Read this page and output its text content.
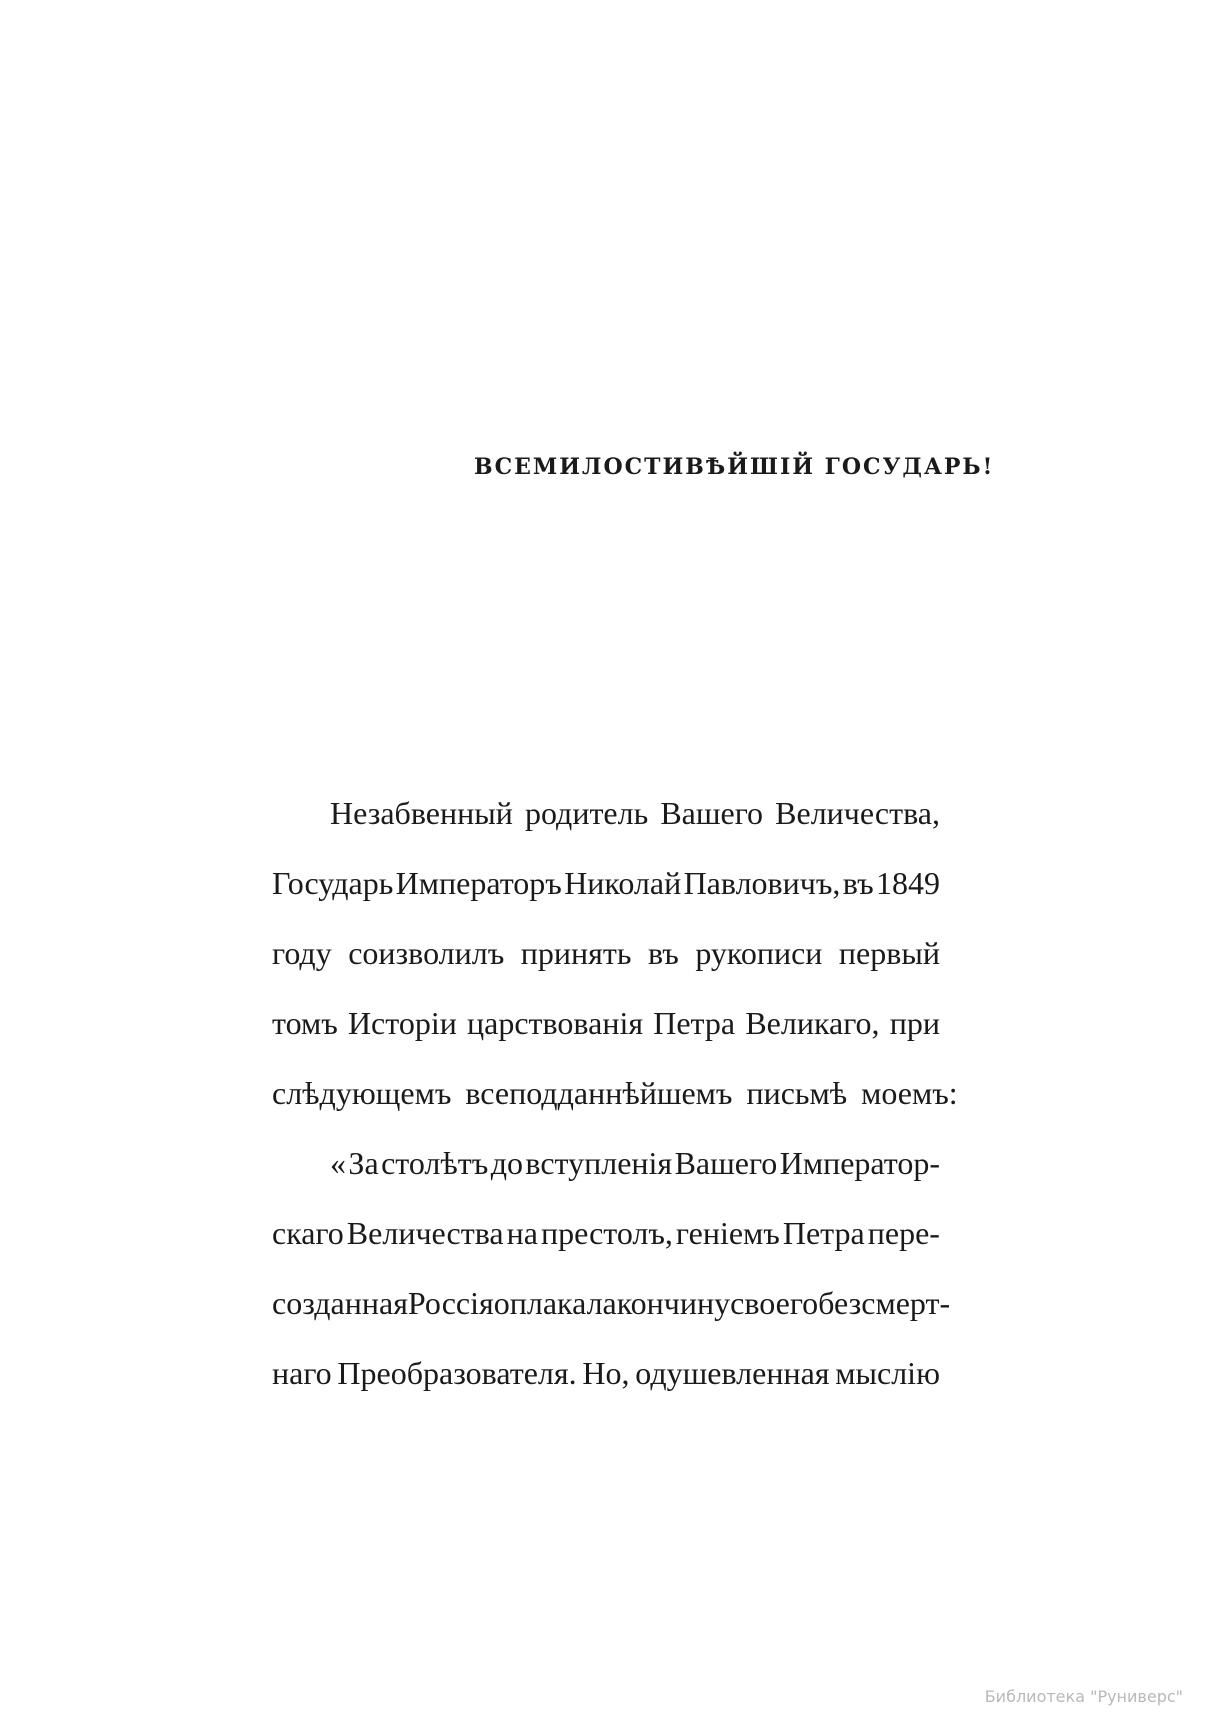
ВСЕМИЛОСТИВѢЙШІЙ ГОСУДАРЬ!
Незабвенный родитель Вашего Величества,
Государь Императоръ Николай Павловичъ, въ 1849
году соизволилъ принять въ рукописи первый
томъ Исторіи царствованія Петра Великаго, при
слѣдующемъ всеподданнѣйшемъ письмѣ моемъ:
« За столѣтъ до вступленія Вашего Император-
скаго Величества на престолъ, геніемъ Петра пере-
созданная Россія оплакала кончину своего безсмерт-
наго Преобразователя. Но, одушевленная мыслію
Библиотека "Руниверс"
